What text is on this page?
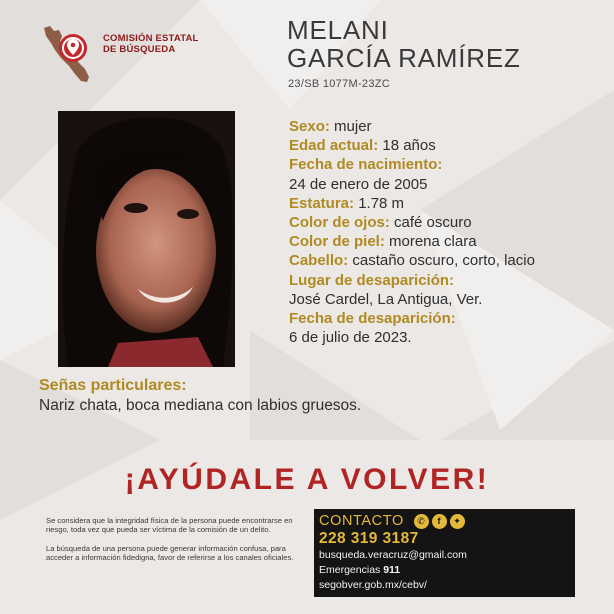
COMISIÓN ESTATAL
DE BÚSQUEDA
MELANI
GARCÍA RAMÍREZ
23/SB 1077M-23ZC
Sexo: mujer
Edad actual: 18 años
Fecha de nacimiento:
24 de enero de 2005
Estatura: 1.78 m
Color de ojos: café oscuro
Color de piel: morena clara
Cabello: castaño oscuro, corto, lacio
Lugar de desaparición:
José Cardel, La Antigua, Ver.
Fecha de desaparición:
6 de julio de 2023.
Señas particulares:
Nariz chata, boca mediana con labios gruesos.
¡AYÚDALE A VOLVER!

Se considera que la integridad física de la persona puede encontrarse en riesgo, toda vez que pueda ser víctima de la comisión de un delito.

La búsqueda de una persona puede generar información confusa, para acceder a información fidedigna, favor de referirse a los canales oficiales.

CONTACTO	✆	f	✦
228 319 3187
busqueda.veracruz@gmail.com
Emergencias 911
segobver.gob.mx/cebv/
